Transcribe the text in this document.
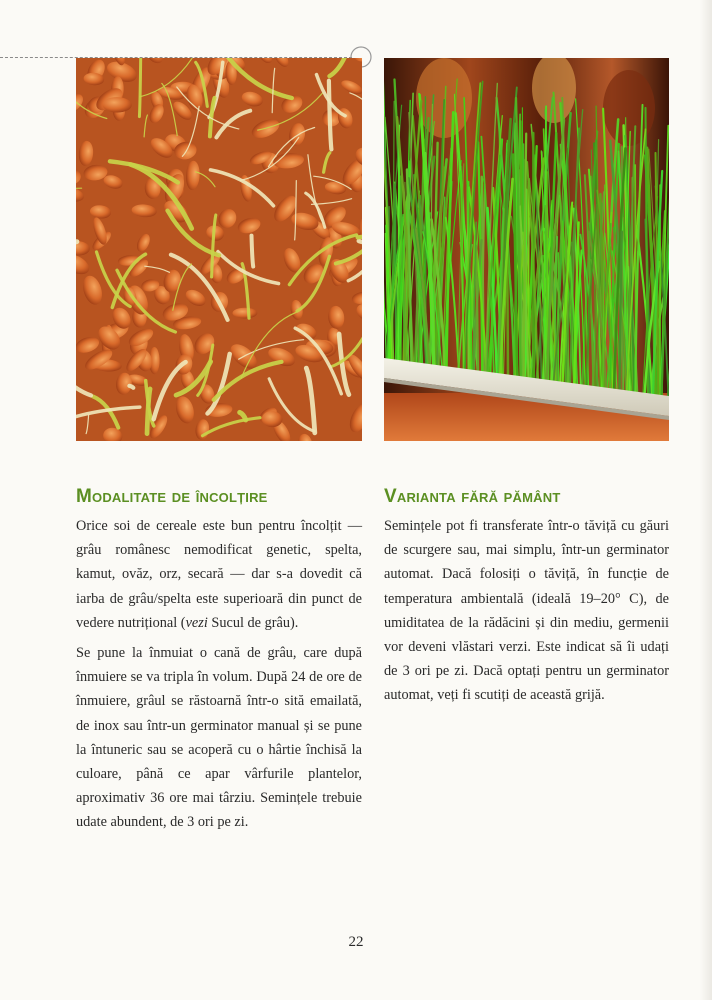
Modalitate de încolțire

Orice soi de cereale este bun pentru încolțit — grâu românesc nemodificat genetic, spelta, kamut, ovăz, orz, secară — dar s-a dovedit că iarba de grâu/spelta este superioară din punct de vedere nutrițional (vezi Sucul de grâu).

Se pune la înmuiat o cană de grâu, care după înmuiere se va tripla în volum. După 24 de ore de înmuiere, grâul se răstoarnă într-o sită emailată, de inox sau într-un germinator manual și se pune la întuneric sau se acoperă cu o hârtie închisă la culoare, până ce apar vârfurile plantelor, aproximativ 36 ore mai târziu. Semințele trebuie udate abundent, de 3 ori pe zi.

Varianta fără pământ

Semințele pot fi transferate într-o tăviță cu găuri de scurgere sau, mai simplu, într-un germinator automat. Dacă folosiți o tăviță, în funcție de temperatura ambientală (ideală 19–20° C), de umiditatea de la rădăcini și din mediu, germenii vor deveni vlăstari verzi. Este indicat să îi udați de 3 ori pe zi. Dacă optați pentru un germinator automat, veți fi scutiți de această grijă.

22
